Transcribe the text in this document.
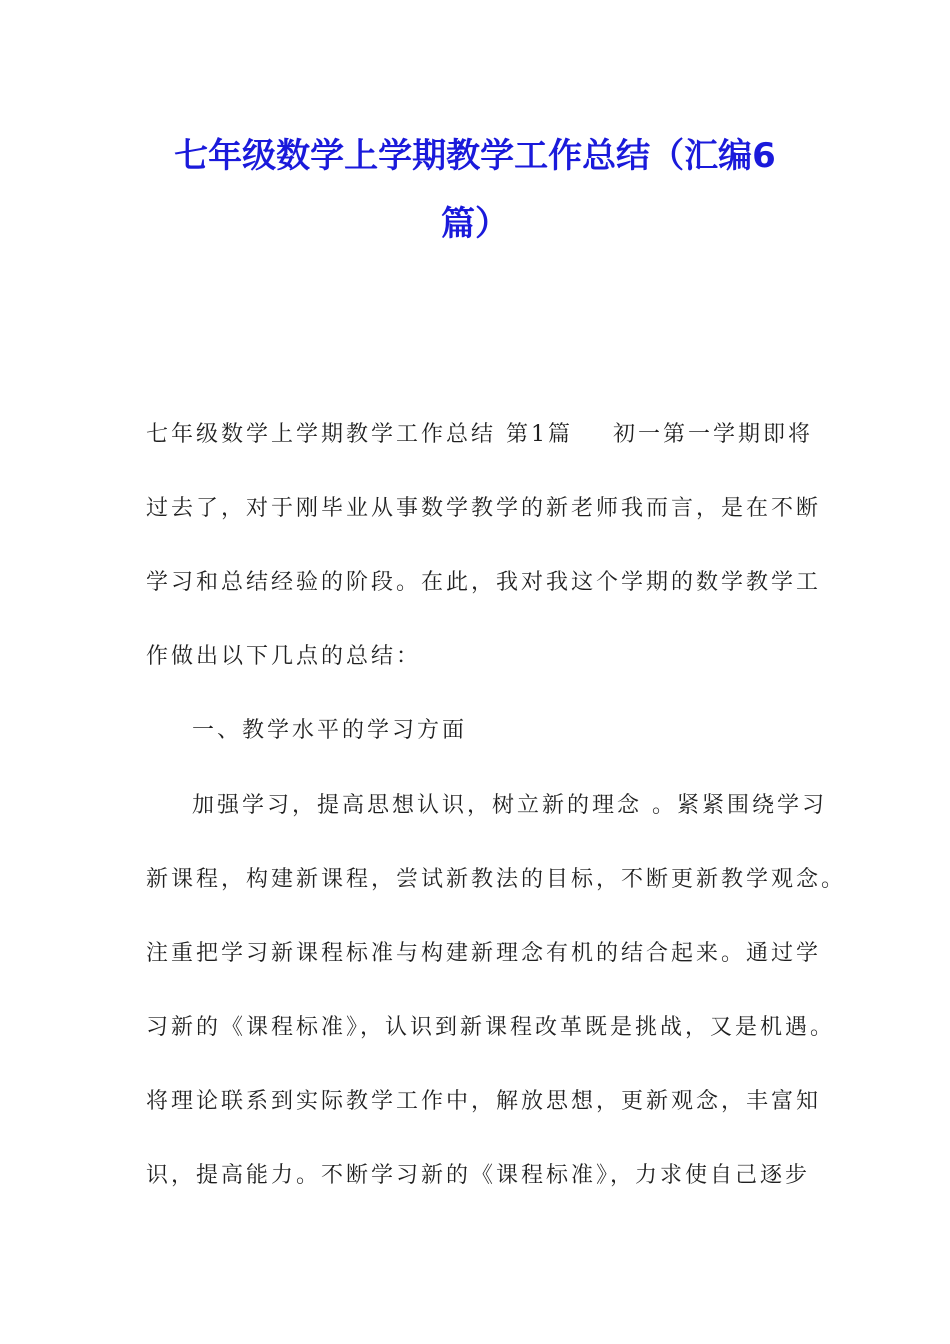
七年级数学上学期教学工作总结（汇编6
篇）

七年级数学上学期教学工作总结 第1篇    初一第一学期即将

过去了，对于刚毕业从事数学教学的新老师我而言，是在不断

学习和总结经验的阶段。在此，我对我这个学期的数学教学工

作做出以下几点的总结：

一、教学水平的学习方面

加强学习，提高思想认识，树立新的理念 。紧紧围绕学习

新课程，构建新课程，尝试新教法的目标，不断更新教学观念。

注重把学习新课程标准与构建新理念有机的结合起来。通过学

习新的《课程标准》，认识到新课程改革既是挑战，又是机遇。

将理论联系到实际教学工作中，解放思想，更新观念，丰富知

识，提高能力。不断学习新的《课程标准》，力求使自己逐步
